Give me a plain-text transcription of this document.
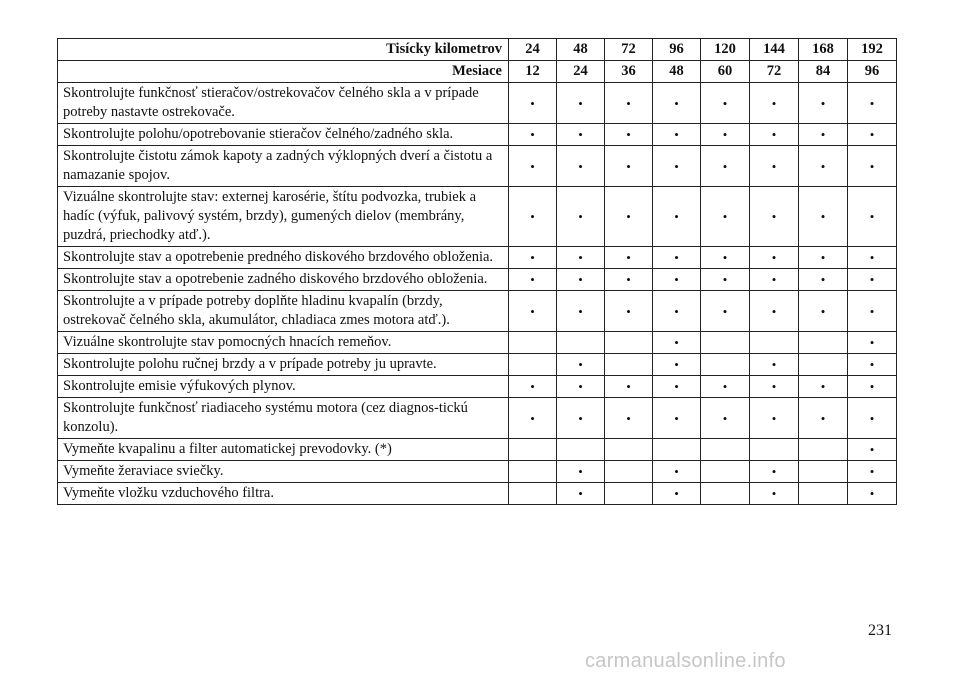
Tisícky kilometrov	24	48	72	96	120	144	168	192
Mesiace	12	24	36	48	60	72	84	96
Skontrolujte funkčnosť stieračov/ostrekovačov čelného skla a v prípade potreby nastavte ostrekovače.	•	•	•	•	•	•	•	•
Skontrolujte polohu/opotrebovanie stieračov čelného/zadného skla.	•	•	•	•	•	•	•	•
Skontrolujte čistotu zámok kapoty a zadných výklopných dverí a čistotu a namazanie spojov.	•	•	•	•	•	•	•	•
Vizuálne skontrolujte stav: externej karosérie, štítu podvozka, trubiek a hadíc (výfuk, palivový systém, brzdy), gumených dielov (membrány, puzdrá, priechodky atď.).	•	•	•	•	•	•	•	•
Skontrolujte stav a opotrebenie predného diskového brzdového obloženia.	•	•	•	•	•	•	•	•
Skontrolujte stav a opotrebenie zadného diskového brzdového obloženia.	•	•	•	•	•	•	•	•
Skontrolujte a v prípade potreby doplňte hladinu kvapalín (brzdy, ostrekovač čelného skla, akumulátor, chladiaca zmes motora atď.).	•	•	•	•	•	•	•	•
Vizuálne skontrolujte stav pomocných hnacích remeňov.				•				•
Skontrolujte polohu ručnej brzdy a v prípade potreby ju upravte.		•		•		•		•
Skontrolujte emisie výfukových plynov.	•	•	•	•	•	•	•	•
Skontrolujte funkčnosť riadiaceho systému motora (cez diagnos-tickú konzolu).	•	•	•	•	•	•	•	•
Vymeňte kvapalinu a filter automatickej prevodovky. (*)								•
Vymeňte žeraviace sviečky.		•		•		•		•
Vymeňte vložku vzduchového filtra.		•		•		•		•
231
carmanualsonline.info
